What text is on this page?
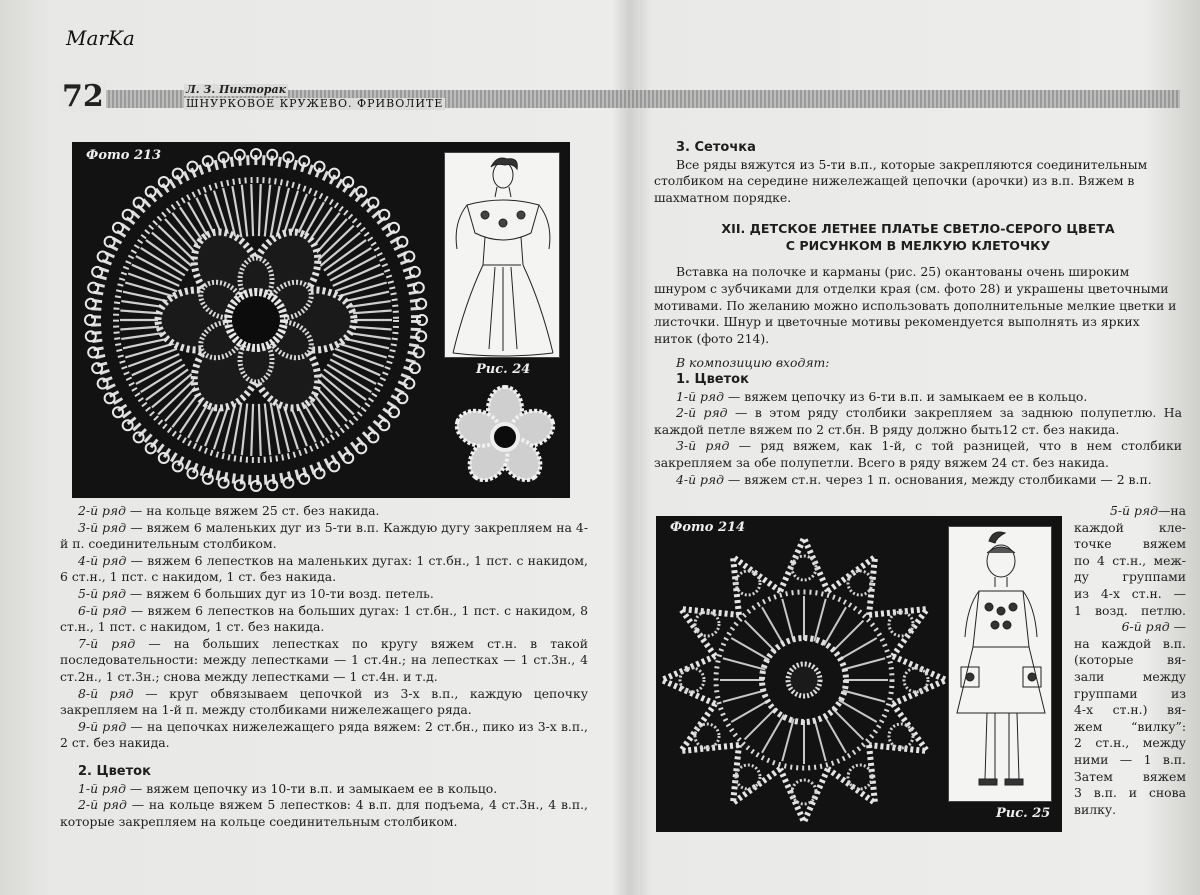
MarKa
72	Л. З. Пикторак
ШНУРКОВОЕ КРУЖЕВО. ФРИВОЛИТЕ
Фото 213
Рис. 24

2-й ряд — на кольце вяжем 25 ст. без накида.

3-й ряд — вяжем 6 маленьких дуг из 5-ти в.п. Каждую дугу закрепляем на 4-й п. соединительным столбиком.

4-й ряд — вяжем 6 лепестков на маленьких дугах: 1 ст.бн., 1 пст. с накидом, 6 ст.н., 1 пст. с накидом, 1 ст. без накида.

5-й ряд — вяжем 6 больших дуг из 10-ти возд. петель.

6-й ряд — вяжем 6 лепестков на больших дугах: 1 ст.бн., 1 пст. с накидом, 8 ст.н., 1 пст. с накидом, 1 ст. без накида.

7-й ряд — на больших лепестках по кругу вяжем ст.н. в такой последовательности: между лепестками — 1 ст.4н.; на лепестках — 1 ст.3н., 4 ст.2н., 1 ст.3н.; снова между лепестками — 1 ст.4н. и т.д.

8-й ряд — круг обвязываем цепочкой из 3-х в.п., каждую цепочку закрепляем на 1-й п. между столбиками нижележащего ряда.

9-й ряд — на цепочках нижележащего ряда вяжем: 2 ст.бн., пико из 3-х в.п., 2 ст. без накида.

2. Цветок

1-й ряд — вяжем цепочку из 10-ти в.п. и замыкаем ее в кольцо.

2-й ряд — на кольце вяжем 5 лепестков: 4 в.п. для подъема, 4 ст.3н., 4 в.п., которые закрепляем на кольце соединительным столбиком.

3. Сеточка

Все ряды вяжутся из 5-ти в.п., которые закрепляются соединительным столбиком на середине нижележащей цепочки (арочки) из в.п. Вяжем в шахматном порядке.

XII. ДЕТСКОЕ ЛЕТНЕЕ ПЛАТЬЕ СВЕТЛО-СЕРОГО ЦВЕТА
С РИСУНКОМ В МЕЛКУЮ КЛЕТОЧКУ

Вставка на полочке и карманы (рис. 25) окантованы очень широким шнуром с зубчиками для отделки края (см. фото 28) и украшены цветочными мотивами. По желанию можно использовать дополнительные мелкие цветки и листочки. Шнур и цветочные мотивы рекомендуется выполнять из ярких ниток (фото 214).

В композицию входят:

1. Цветок

1-й ряд — вяжем цепочку из 6-ти в.п. и замыкаем ее в кольцо.

2-й ряд — в этом ряду столбики закрепляем за заднюю полупетлю. На каждой петле вяжем по 2 ст.бн. В ряду должно быть12 ст. без накида.

3-й ряд — ряд вяжем, как 1-й, с той разницей, что в нем столбики закрепляем за обе полупетли. Всего в ряду вяжем 24 ст. без накида.

4-й ряд — вяжем ст.н. через 1 п. основания, между столбиками — 2 в.п.

Фото 214
Рис. 25
5-й ряд—на
каждой кле-
точке вяжем
по 4 ст.н., меж-
ду группами
из 4-х ст.н. —
1 возд. петлю.
6-й ряд —
на каждой в.п.
(которые вя-
зали между
группами из
4-х ст.н.) вя-
жем “вилку”:
2 ст.н., между
ними — 1 в.п.
Затем вяжем
3 в.п. и снова
вилку.
